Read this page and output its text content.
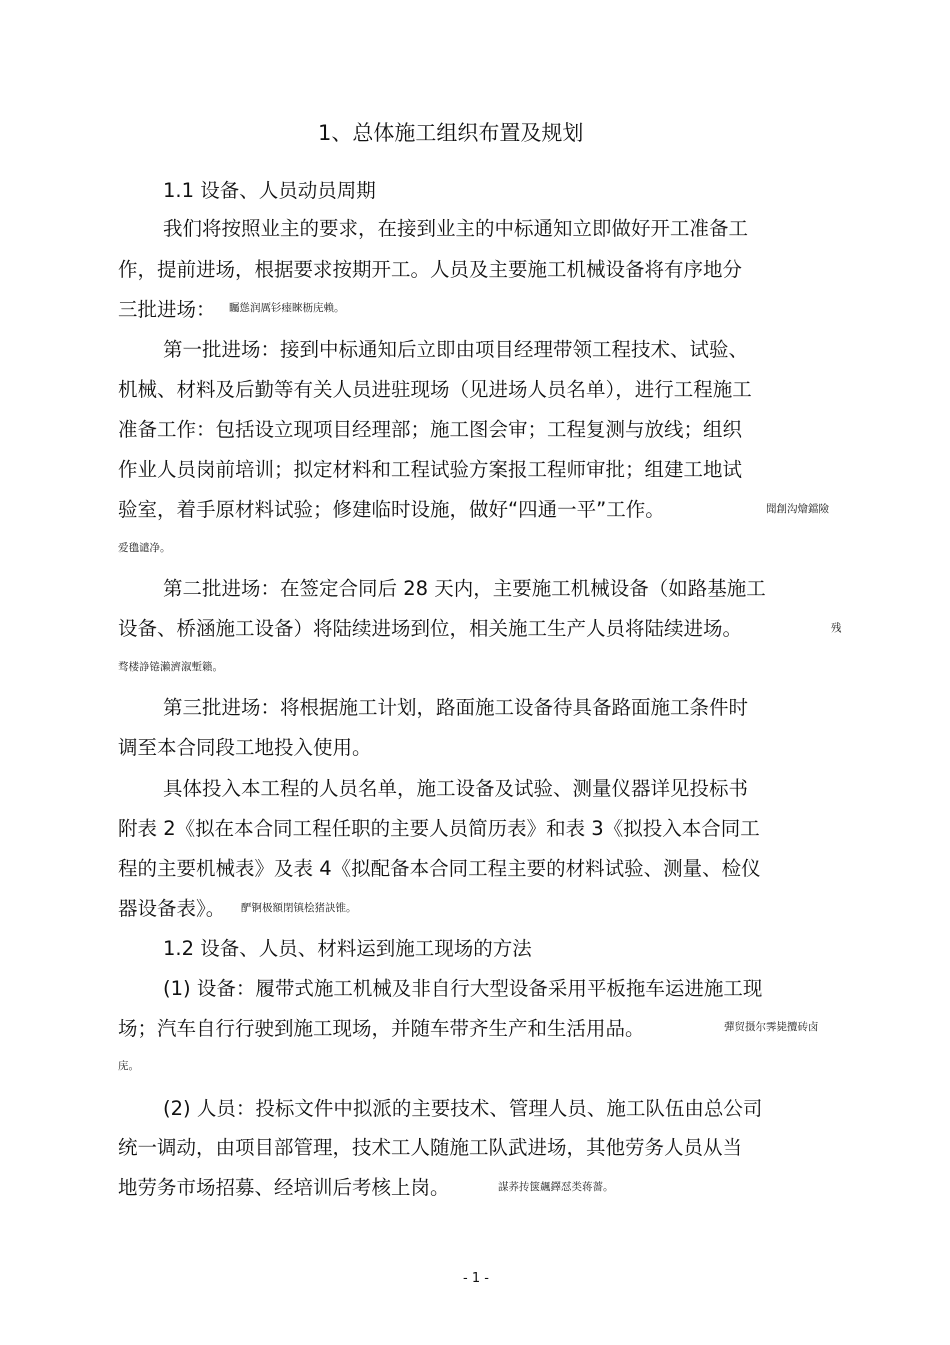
1、总体施工组织布置及规划
1.1 设备、人员动员周期
我们将按照业主的要求，在接到业主的中标通知立即做好开工准备工
作，提前进场，根据要求按期开工。人员及主要施工机械设备将有序地分
三批进场： 矚慫润厲钐瘗睞枥庑赖。
第一批进场：接到中标通知后立即由项目经理带领工程技术、试验、
机械、材料及后勤等有关人员进驻现场（见进场人员名单），进行工程施工
准备工作：包括设立现项目经理部；施工图会审；工程复测与放线；组织
作业人员岗前培训；拟定材料和工程试验方案报工程师审批；组建工地试
验室，着手原材料试验；修建临时设施，做好“四通一平”工作。	聞創沟燴鐺險
爱氇谴净。
第二批进场：在签定合同后 28 天内，主要施工机械设备（如路基施工
设备、桥涵施工设备）将陆续进场到位，相关施工生产人员将陆续进场。	残
骛楼諍锩瀨濟溆塹籟。
第三批进场：将根据施工计划，路面施工设备待具备路面施工条件时
调至本合同段工地投入使用。
具体投入本工程的人员名单，施工设备及试验、测量仪器详见投标书
附表 2《拟在本合同工程任职的主要人员简历表》和表 3《拟投入本合同工
程的主要机械表》及表 4《拟配备本合同工程主要的材料试验、测量、检仪
器设备表》。 酽锕极額閉镇桧猪訣锥。
1.2 设备、人员、材料运到施工现场的方法
(1) 设备：履带式施工机械及非自行大型设备采用平板拖车运进施工现
场；汽车自行行驶到施工现场，并随车带齐生产和生活用品。	彈贸摄尔霁毙攬砖卤
庑。
(2) 人员：投标文件中拟派的主要技术、管理人员、施工队伍由总公司
统一调动，由项目部管理，技术工人随施工队武进场，其他劳务人员从当
地劳务市场招募、经培训后考核上岗。	謀荞抟箧飆鐸怼类蒋薔。
- 1 -
